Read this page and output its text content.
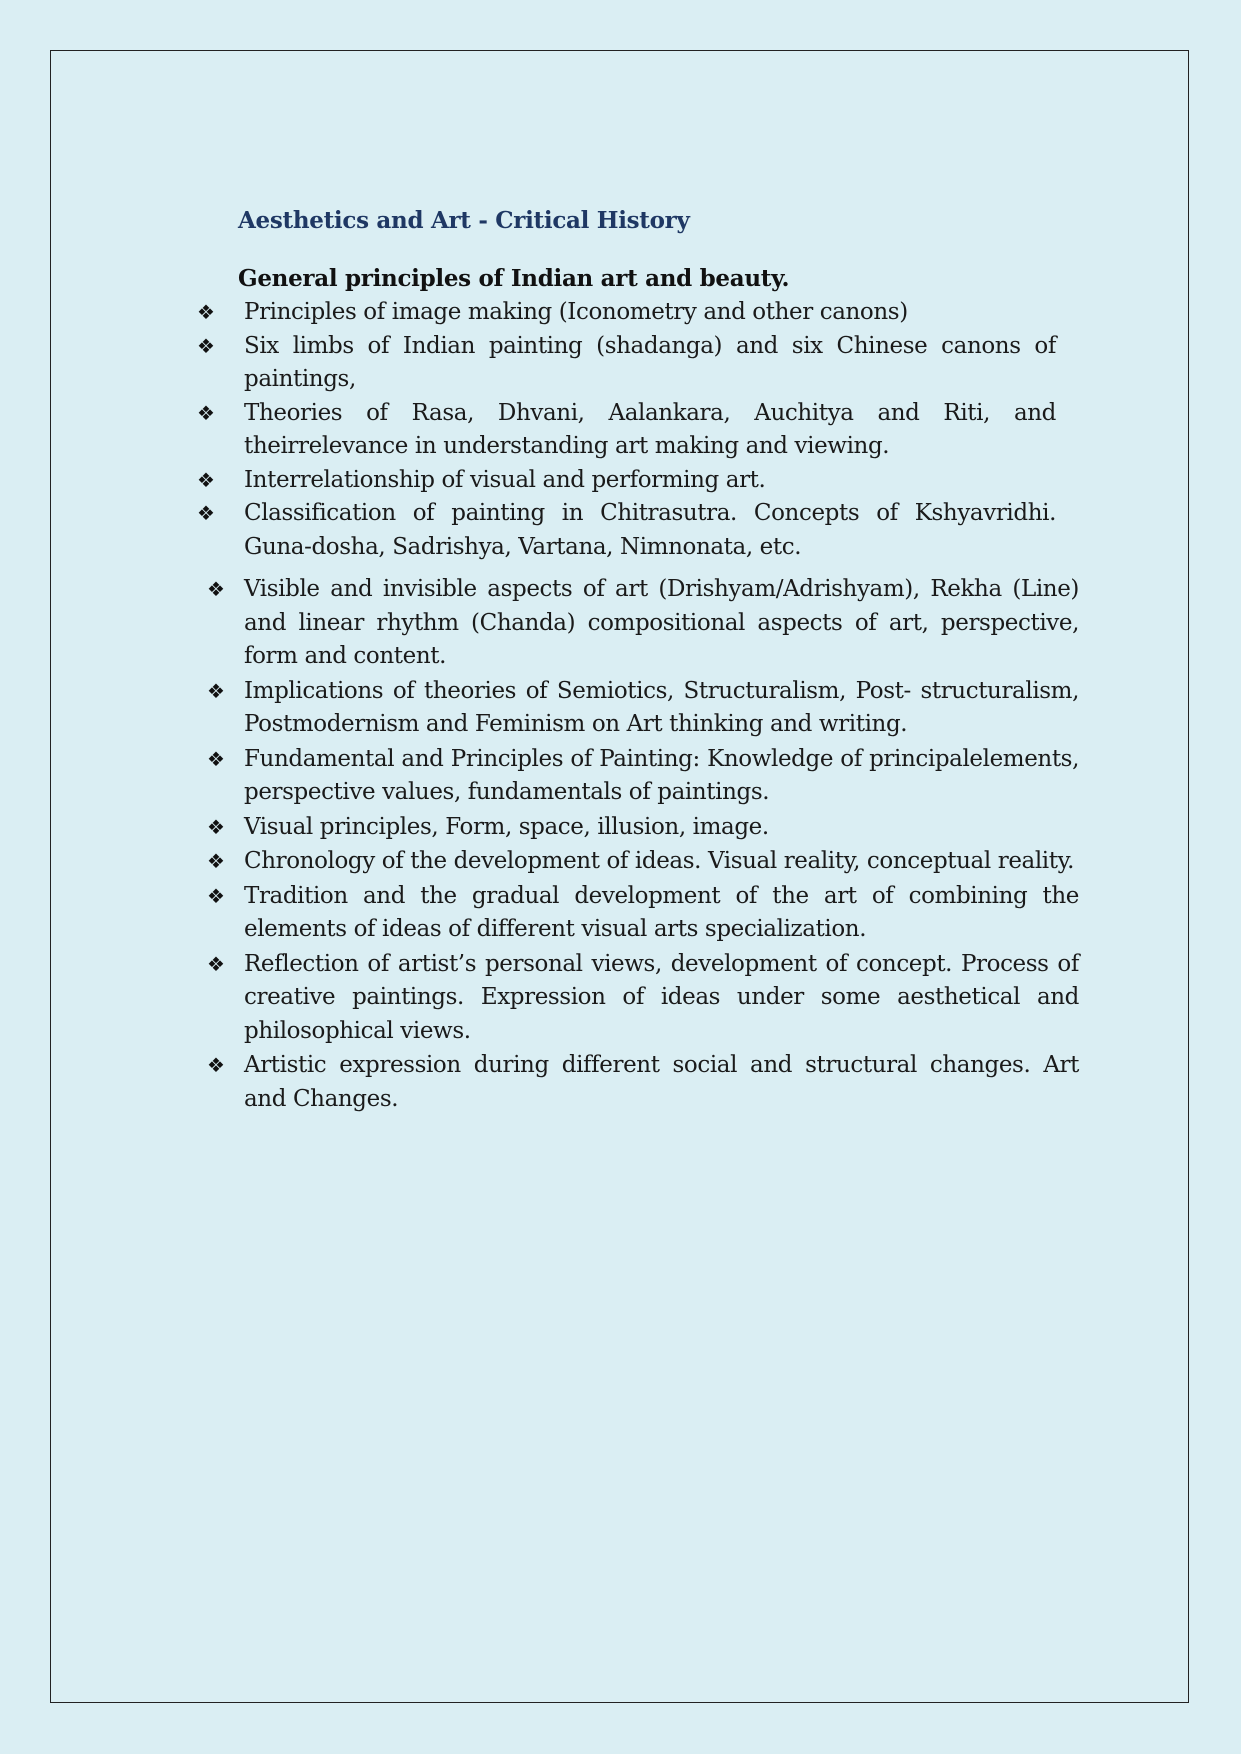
Aesthetics and Art - Critical History
General principles of Indian art and beauty.
❖ Principles of image making (Iconometry and other canons)
❖ Six limbs of Indian painting (shadanga) and six Chinese canons of paintings,
❖ Theories of Rasa, Dhvani, Aalankara, Auchitya and Riti, and theirrelevance in understanding art making and viewing.
❖ Interrelationship of visual and performing art.
❖ Classification of painting in Chitrasutra. Concepts of Kshyavridhi. Guna-dosha, Sadrishya, Vartana, Nimnonata, etc.
❖ Visible and invisible aspects of art (Drishyam/Adrishyam), Rekha (Line) and linear rhythm (Chanda) compositional aspects of art, perspective, form and content.
❖ Implications of theories of Semiotics, Structuralism, Post- structuralism, Postmodernism and Feminism on Art thinking and writing.
❖ Fundamental and Principles of Painting: Knowledge of principalelements, perspective values, fundamentals of paintings.
❖ Visual principles, Form, space, illusion, image.
❖ Chronology of the development of ideas. Visual reality, conceptual reality.
❖ Tradition and the gradual development of the art of combining the elements of ideas of different visual arts specialization.
❖ Reflection of artist’s personal views, development of concept. Process of creative paintings. Expression of ideas under some aesthetical and philosophical views.
❖ Artistic expression during different social and structural changes. Art and Changes.
